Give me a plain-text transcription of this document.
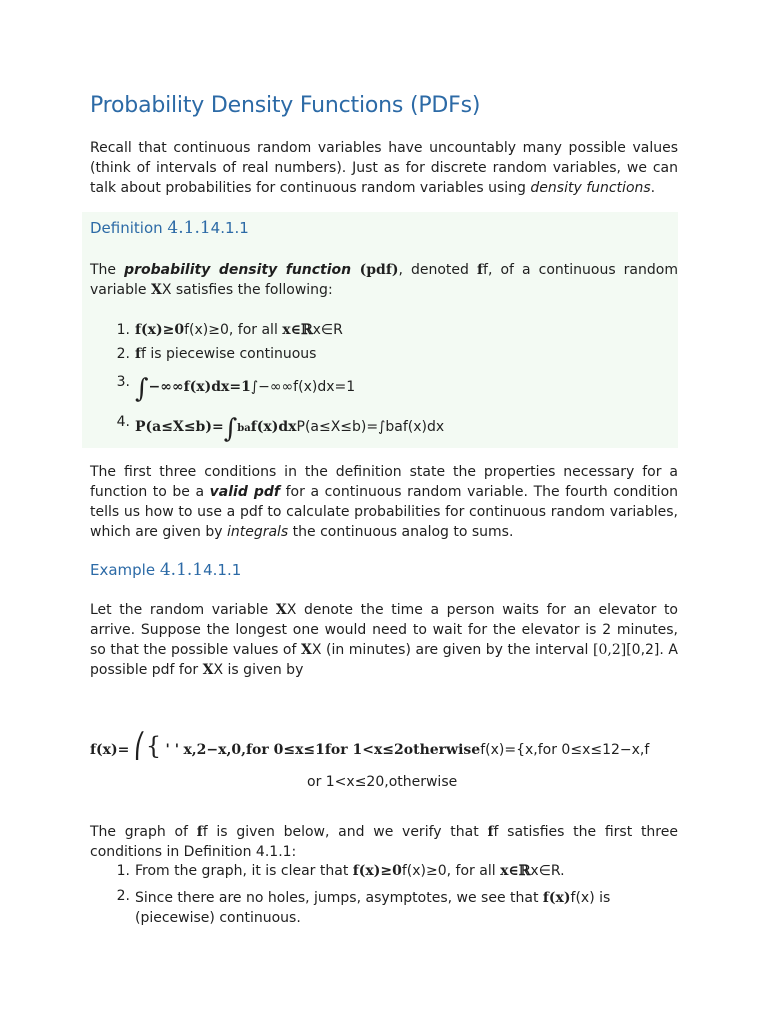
Probability Density Functions (PDFs)

Recall that continuous random variables have uncountably many possible values (think of intervals of real numbers). Just as for discrete random variables, we can talk about probabilities for continuous random variables using density functions.

Definition 4.1.14.1.1

The probability density function (pdf), denoted ff, of a continuous random variable XX satisfies the following:

1. f(x)≥0f(x)≥0, for all x∈ℝx∈R
2. ff is piecewise continuous
3. ∫−∞∞f(x)dx=1∫−∞∞f(x)dx=1
4. P(a≤X≤b)=∫baf(x)dxP(a≤X≤b)=∫baf(x)dx

The first three conditions in the definition state the properties necessary for a function to be a valid pdf for a continuous random variable. The fourth condition tells us how to use a pdf to calculate probabilities for continuous random variables, which are given by integrals the continuous analog to sums.

Example 4.1.14.1.1

Let the random variable XX denote the time a person waits for an elevator to arrive. Suppose the longest one would need to wait for the elevator is 2 minutes, so that the possible values of XX (in minutes) are given by the interval [0,2][0,2]. A possible pdf for XX is given by

f(x)= ⎛{ ' ' x,2−x,0,for 0≤x≤1for 1<x≤2otherwisef(x)={x,for 0≤x≤12−x,f
or 1<x≤20,otherwise

The graph of ff is given below, and we verify that ff satisfies the first three conditions in Definition 4.1.1:

1. From the graph, it is clear that f(x)≥0f(x)≥0, for all x∈ℝx∈R.
2. Since there are no holes, jumps, asymptotes, we see that f(x)f(x) is (piecewise) continuous.
